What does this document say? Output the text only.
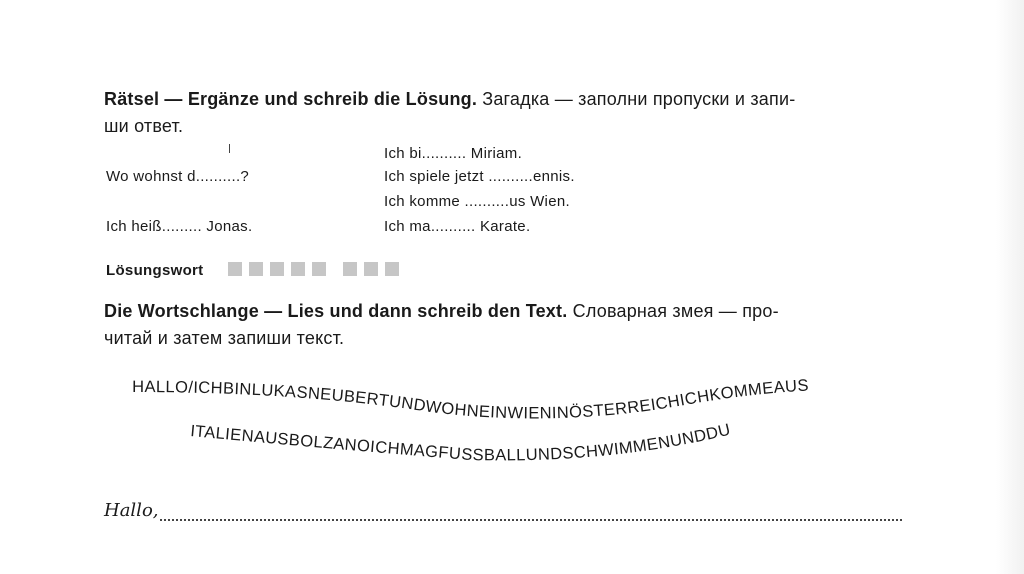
Rätsel — Ergänze und schreib die Lösung. Загадка — заполни пропуски и запи-
ши ответ.
Wo wohnst d..........?
Ich heiß......... Jonas.
Ich bi.......... Miriam.
Ich spiele jetzt ..........ennis.
Ich komme ..........us Wien.
Ich ma.......... Karate.
Lösungswort
Die Wortschlange — Lies und dann schreib den Text. Словарная змея — про-
читай и затем запиши текст.
HALLO/ICHBINLUKASNEUBERTUNDWOHNEINWIENINÖSTERREICHICHKOMMEAUS
ITALIENAUSBOLZANOICHMAGFUSSBALLUNDSCHWIMMENUNDDU
Hallo,
